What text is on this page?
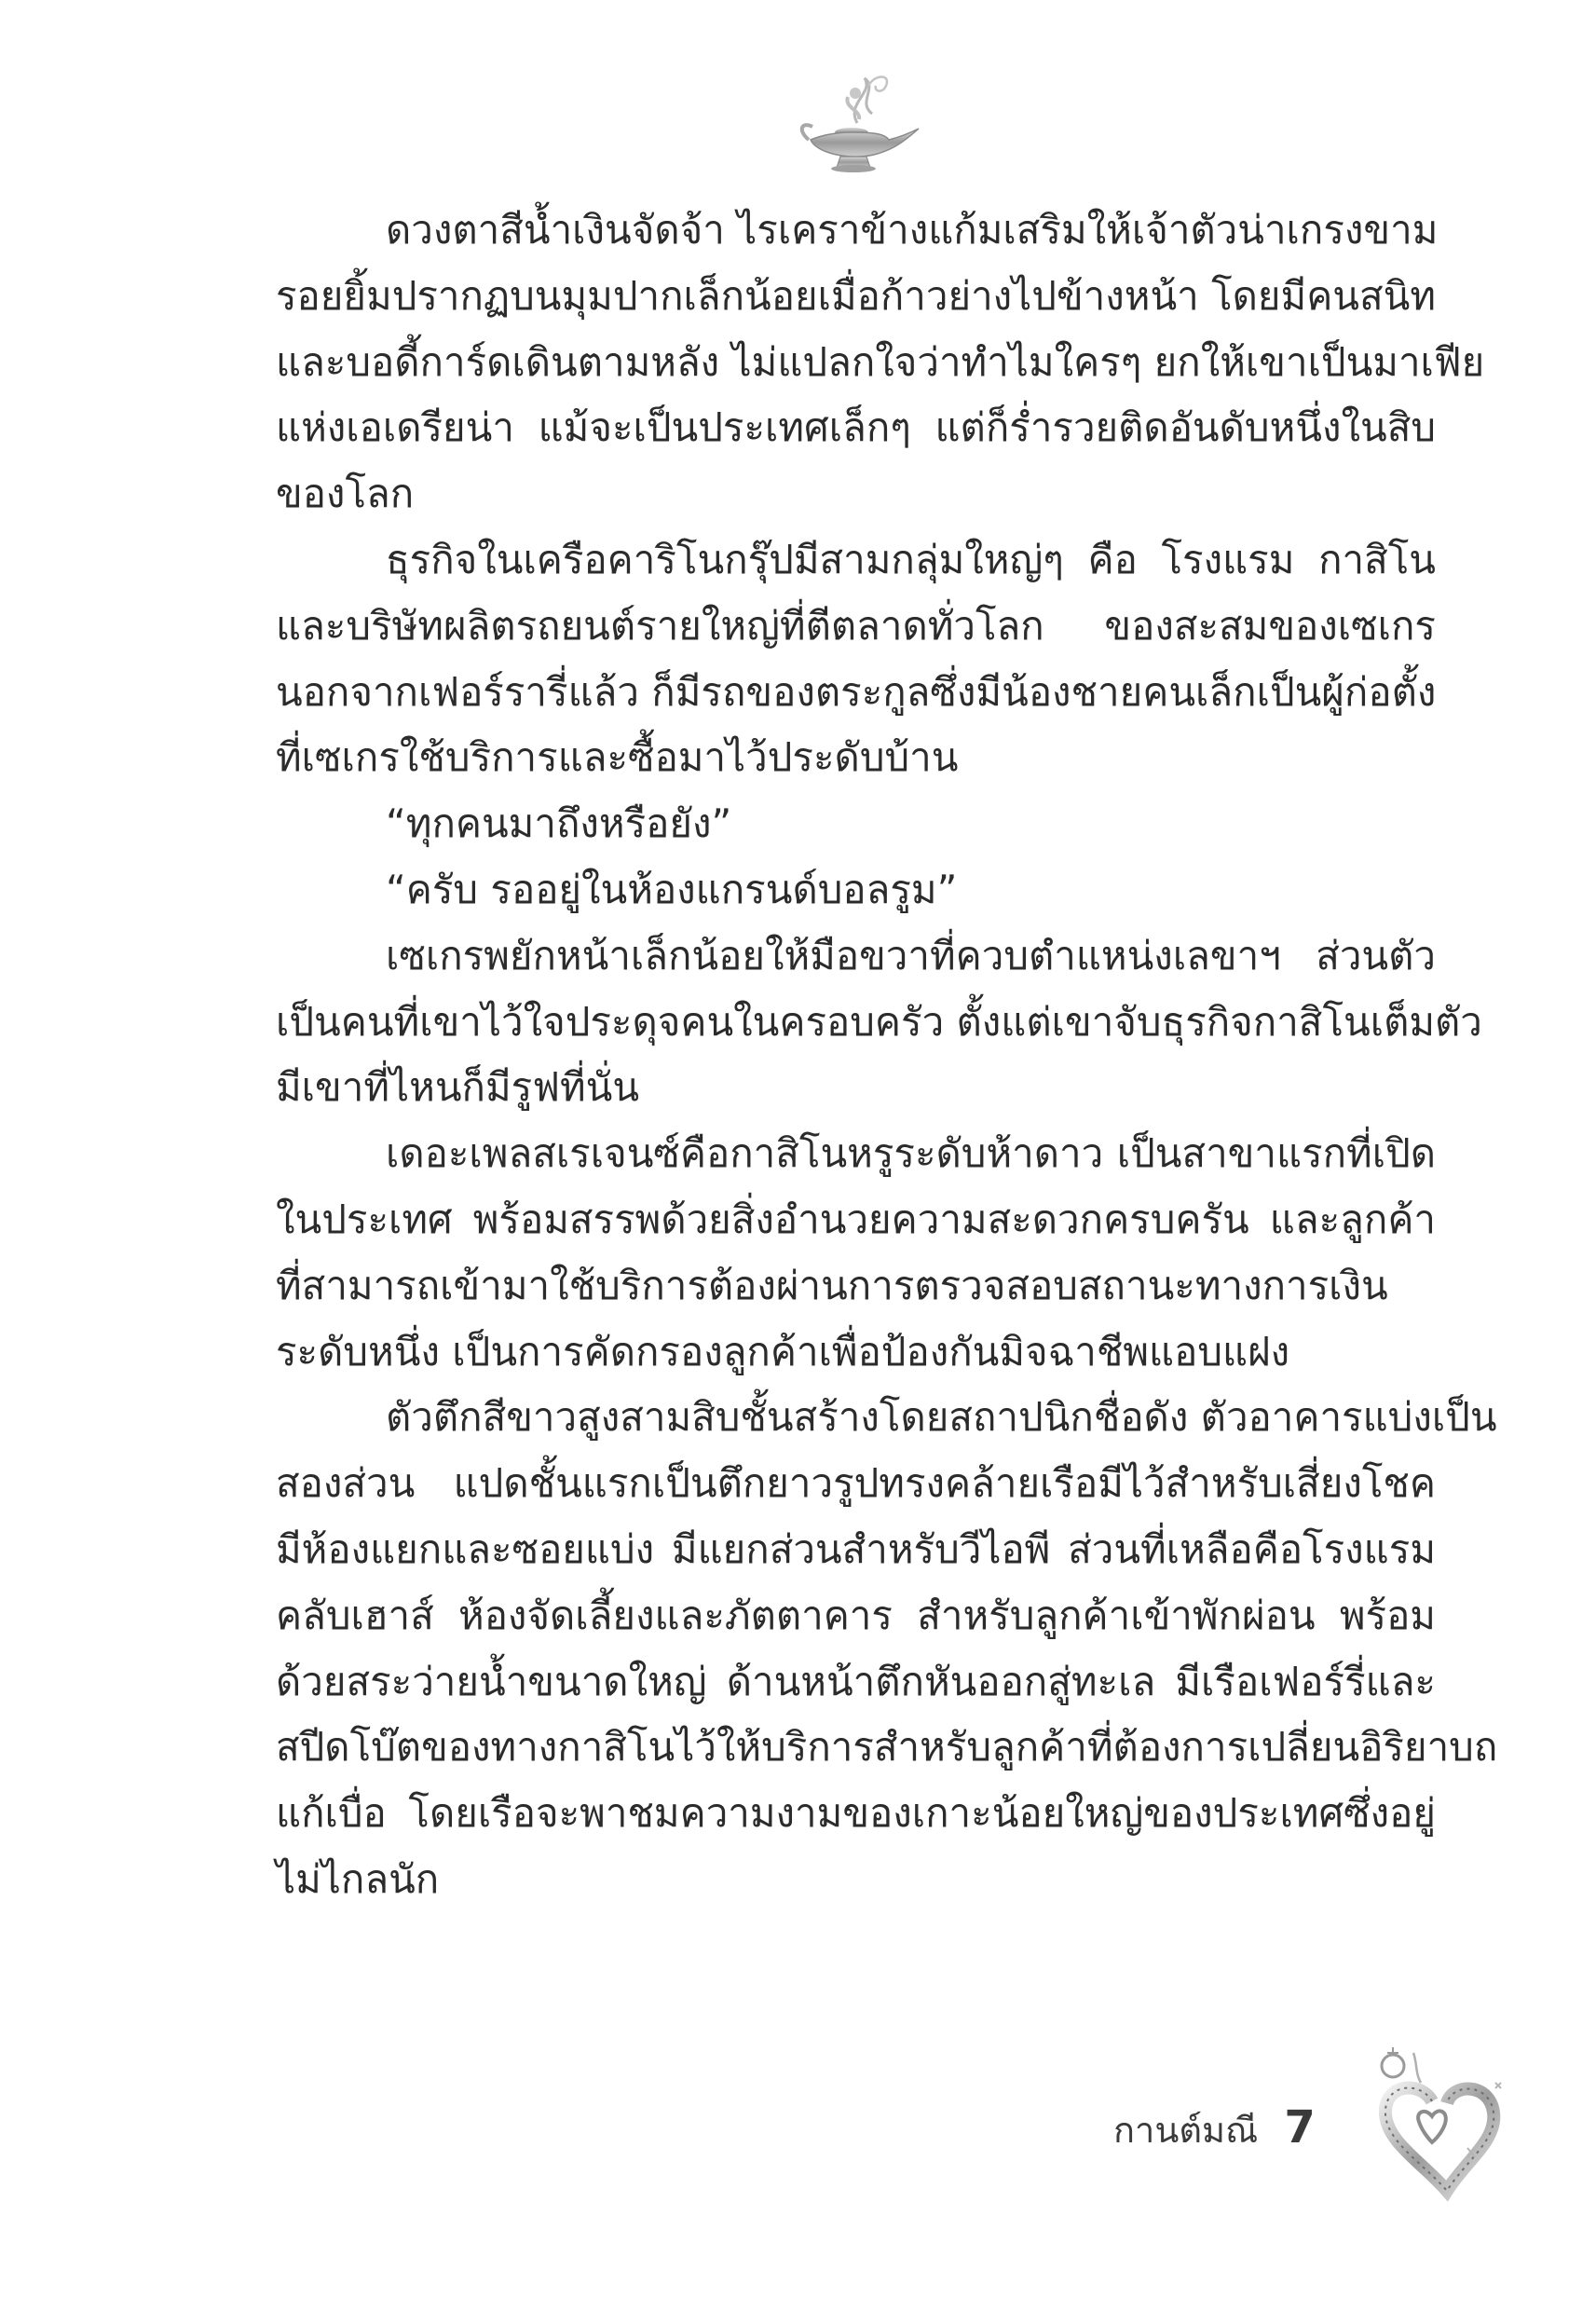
ดวงตาสีน้ำเงินจัดจ้า ไรเคราข้างแก้มเสริมให้เจ้าตัวน่าเกรงขาม
รอยยิ้มปรากฏบนมุมปากเล็กน้อยเมื่อก้าวย่างไปข้างหน้า โดยมีคนสนิท
และบอดี้การ์ดเดินตามหลัง ไม่แปลกใจว่าทำไมใครๆ ยกให้เขาเป็นมาเฟีย
แห่งเอเดรียน่า แม้จะเป็นประเทศเล็กๆ แต่ก็ร่ำรวยติดอันดับหนึ่งในสิบ
ของโลก
ธุรกิจในเครือคาริโนกรุ๊ปมีสามกลุ่มใหญ่ๆ คือ โรงแรม กาสิโน
และบริษัทผลิตรถยนต์รายใหญ่ที่ตีตลาดทั่วโลก ของสะสมของเซเกร
นอกจากเฟอร์รารี่แล้ว ก็มีรถของตระกูลซึ่งมีน้องชายคนเล็กเป็นผู้ก่อตั้ง
ที่เซเกรใช้บริการและซื้อมาไว้ประดับบ้าน
“ทุกคนมาถึงหรือยัง”
“ครับ รออยู่ในห้องแกรนด์บอลรูม”
เซเกรพยักหน้าเล็กน้อยให้มือขวาที่ควบตำแหน่งเลขาฯ ส่วนตัว
เป็นคนที่เขาไว้ใจประดุจคนในครอบครัว ตั้งแต่เขาจับธุรกิจกาสิโนเต็มตัว
มีเขาที่ไหนก็มีรูฟที่นั่น
เดอะเพลสเรเจนซ์คือกาสิโนหรูระดับห้าดาว เป็นสาขาแรกที่เปิด
ในประเทศ พร้อมสรรพด้วยสิ่งอำนวยความสะดวกครบครัน และลูกค้า
ที่สามารถเข้ามาใช้บริการต้องผ่านการตรวจสอบสถานะทางการเงิน
ระดับหนึ่ง เป็นการคัดกรองลูกค้าเพื่อป้องกันมิจฉาชีพแอบแฝง
ตัวตึกสีขาวสูงสามสิบชั้นสร้างโดยสถาปนิกชื่อดัง ตัวอาคารแบ่งเป็น
สองส่วน แปดชั้นแรกเป็นตึกยาวรูปทรงคล้ายเรือมีไว้สำหรับเสี่ยงโชค
มีห้องแยกและซอยแบ่ง มีแยกส่วนสำหรับวีไอพี ส่วนที่เหลือคือโรงแรม
คลับเฮาส์ ห้องจัดเลี้ยงและภัตตาคาร สำหรับลูกค้าเข้าพักผ่อน พร้อม
ด้วยสระว่ายน้ำขนาดใหญ่ ด้านหน้าตึกหันออกสู่ทะเล มีเรือเฟอร์รี่และ
สปีดโบ๊ตของทางกาสิโนไว้ให้บริการสำหรับลูกค้าที่ต้องการเปลี่ยนอิริยาบถ
แก้เบื่อ โดยเรือจะพาชมความงามของเกาะน้อยใหญ่ของประเทศซึ่งอยู่
ไม่ไกลนัก
กานต์มณี 7
